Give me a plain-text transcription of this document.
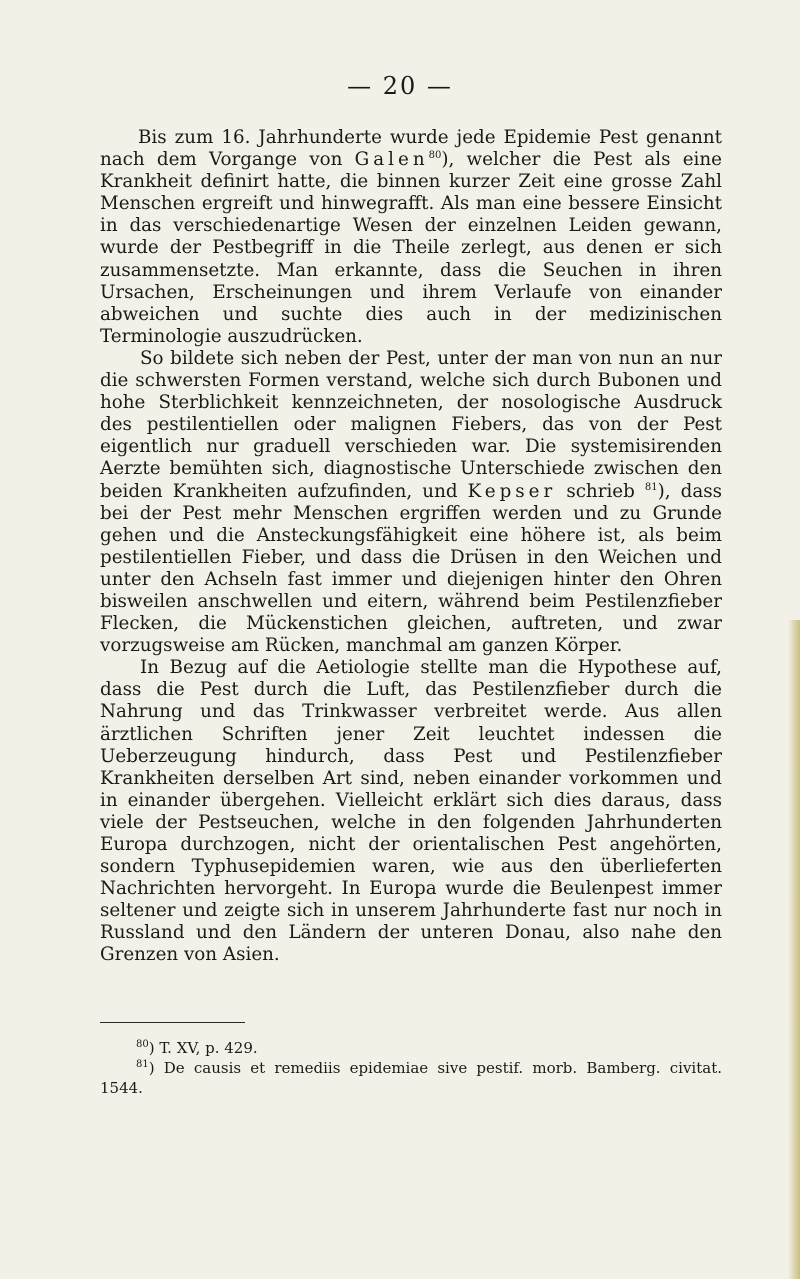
— 20 —

Bis zum 16. Jahrhunderte wurde jede Epidemie Pest genannt nach dem Vorgange von Galen$^{80}$), welcher die Pest als eine Krankheit definirt hatte, die binnen kurzer Zeit eine grosse Zahl Menschen ergreift und hinwegrafft. Als man eine bessere Einsicht in das verschiedenartige Wesen der einzelnen Leiden gewann, wurde der Pestbegriff in die Theile zerlegt, aus denen er sich zusammensetzte. Man erkannte, dass die Seuchen in ihren Ursachen, Erscheinungen und ihrem Verlaufe von einander abweichen und suchte dies auch in der medizinischen Terminologie auszudrücken.

So bildete sich neben der Pest, unter der man von nun an nur die schwersten Formen verstand, welche sich durch Bubonen und hohe Sterblichkeit kennzeichneten, der nosologische Ausdruck des pestilentiellen oder malignen Fiebers, das von der Pest eigentlich nur graduell verschieden war. Die systemisirenden Aerzte bemühten sich, diagnostische Unterschiede zwischen den beiden Krankheiten aufzufinden, und Kepser schrieb $^{81}$), dass bei der Pest mehr Menschen ergriffen werden und zu Grunde gehen und die Ansteckungsfähigkeit eine höhere ist, als beim pestilentiellen Fieber, und dass die Drüsen in den Weichen und unter den Achseln fast immer und diejenigen hinter den Ohren bisweilen anschwellen und eitern, während beim Pestilenzfieber Flecken, die Mückenstichen gleichen, auftreten, und zwar vorzugsweise am Rücken, manchmal am ganzen Körper.

In Bezug auf die Aetiologie stellte man die Hypothese auf, dass die Pest durch die Luft, das Pestilenzfieber durch die Nahrung und das Trinkwasser verbreitet werde. Aus allen ärztlichen Schriften jener Zeit leuchtet indessen die Ueberzeugung hindurch, dass Pest und Pestilenzfieber Krankheiten derselben Art sind, neben einander vorkommen und in einander übergehen. Vielleicht erklärt sich dies daraus, dass viele der Pestseuchen, welche in den folgenden Jahrhunderten Europa durchzogen, nicht der orientalischen Pest angehörten, sondern Typhusepidemien waren, wie aus den überlieferten Nachrichten hervorgeht. In Europa wurde die Beulenpest immer seltener und zeigte sich in unserem Jahrhunderte fast nur noch in Russland und den Ländern der unteren Donau, also nahe den Grenzen von Asien.

$^{80}$) T. XV, p. 429.

$^{81}$) De causis et remediis epidemiae sive pestif. morb. Bamberg. civitat. 1544.
